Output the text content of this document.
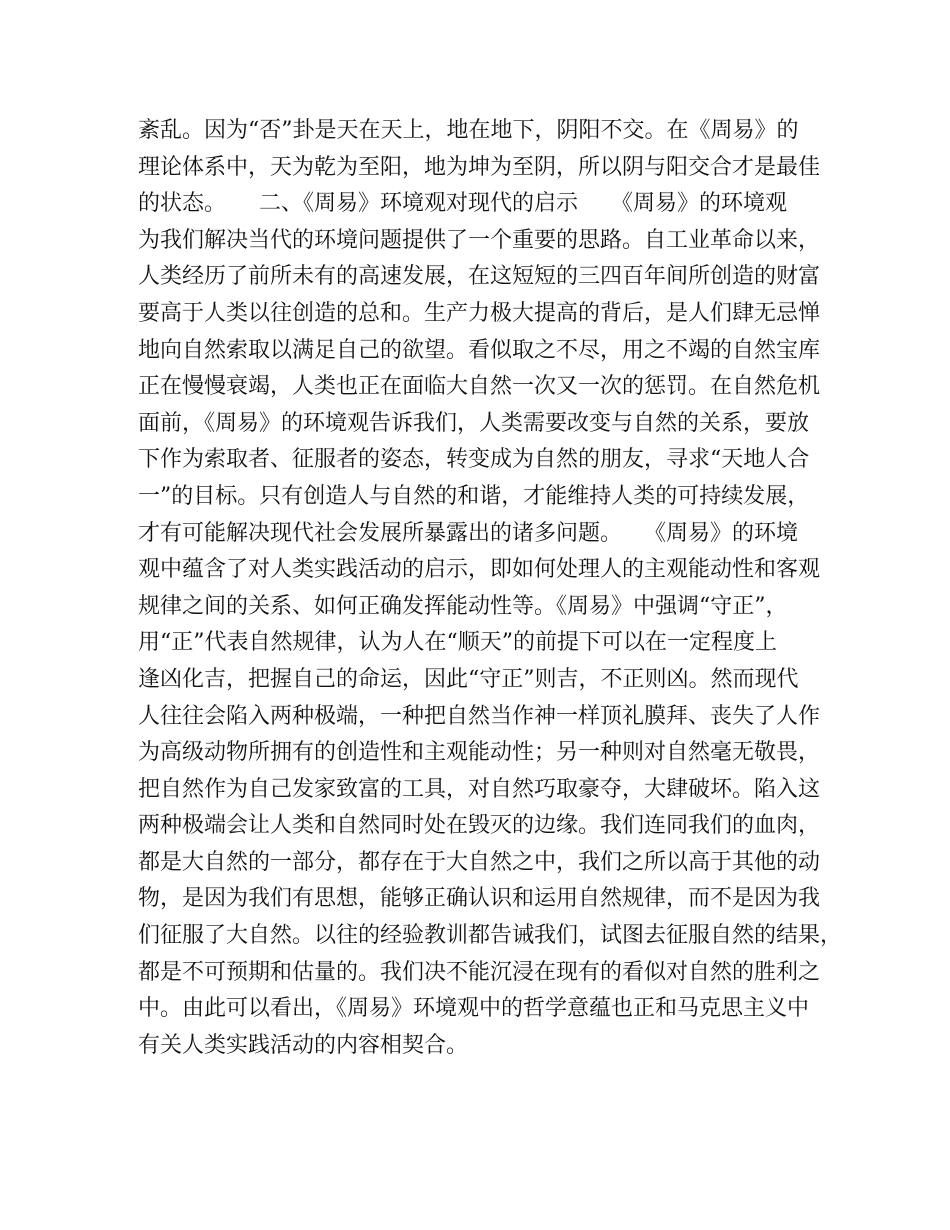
紊乱。因为“否”卦是天在天上，地在地下，阴阳不交。在《周易》的
理论体系中，天为乾为至阳，地为坤为至阴，所以阴与阳交合才是最佳
的状态。　　二、《周易》环境观对现代的启示　　《周易》的环境观
为我们解决当代的环境问题提供了一个重要的思路。自工业革命以来，
人类经历了前所未有的高速发展，在这短短的三四百年间所创造的财富
要高于人类以往创造的总和。生产力极大提高的背后，是人们肆无忌惮
地向自然索取以满足自己的欲望。看似取之不尽，用之不竭的自然宝库
正在慢慢衰竭，人类也正在面临大自然一次又一次的惩罚。在自然危机
面前，《周易》的环境观告诉我们，人类需要改变与自然的关系，要放
下作为索取者、征服者的姿态，转变成为自然的朋友，寻求“天地人合
一”的目标。只有创造人与自然的和谐，才能维持人类的可持续发展，
才有可能解决现代社会发展所暴露出的诸多问题。　　《周易》的环境
观中蕴含了对人类实践活动的启示，即如何处理人的主观能动性和客观
规律之间的关系、如何正确发挥能动性等。《周易》中强调“守正”，
用“正”代表自然规律，认为人在“顺天”的前提下可以在一定程度上
逢凶化吉，把握自己的命运，因此“守正”则吉，不正则凶。然而现代
人往往会陷入两种极端，一种把自然当作神一样顶礼膜拜、丧失了人作
为高级动物所拥有的创造性和主观能动性；另一种则对自然毫无敬畏，
把自然作为自己发家致富的工具，对自然巧取豪夺，大肆破坏。陷入这
两种极端会让人类和自然同时处在毁灭的边缘。我们连同我们的血肉，
都是大自然的一部分，都存在于大自然之中，我们之所以高于其他的动
物，是因为我们有思想，能够正确认识和运用自然规律，而不是因为我
们征服了大自然。以往的经验教训都告诫我们，试图去征服自然的结果，
都是不可预期和估量的。我们决不能沉浸在现有的看似对自然的胜利之
中。由此可以看出，《周易》环境观中的哲学意蕴也正和马克思主义中
有关人类实践活动的内容相契合。
